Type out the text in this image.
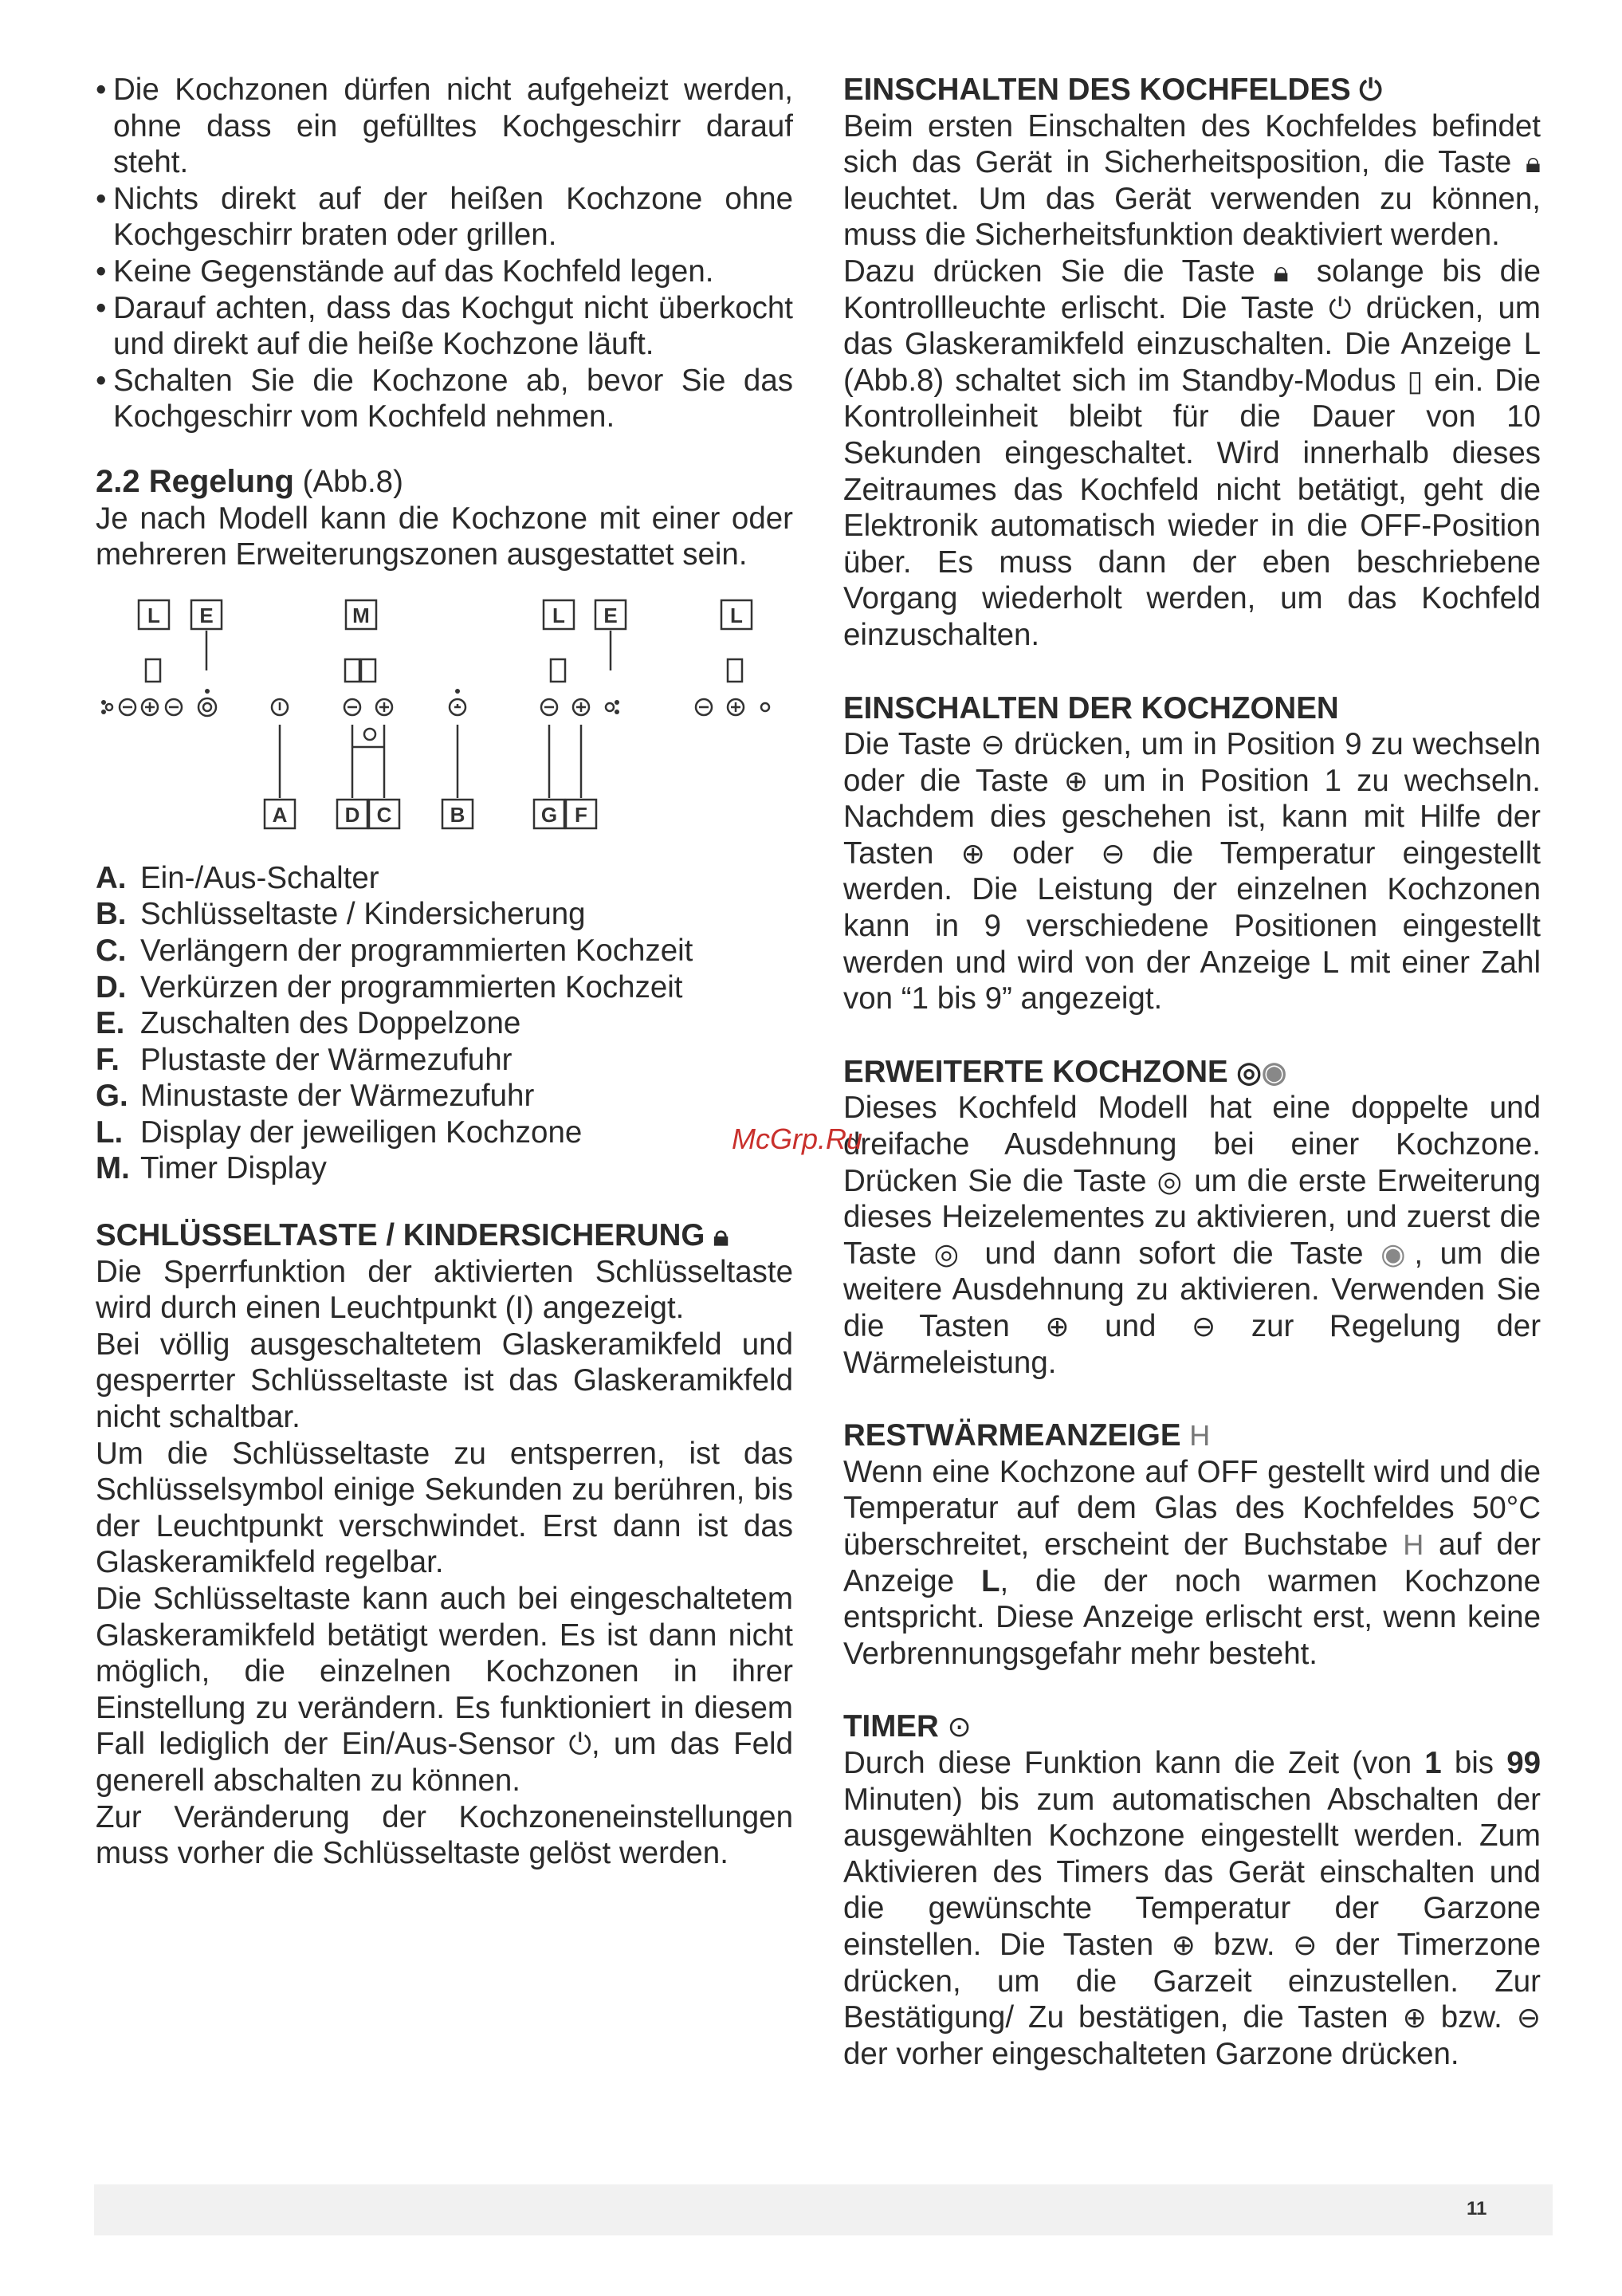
• Die Kochzonen dürfen nicht aufgeheizt werden, ohne dass ein gefülltes Kochgeschirr darauf steht.
• Nichts direkt auf der heißen Kochzone ohne Kochgeschirr braten oder grillen.
• Keine Gegenstände auf das Kochfeld legen.
• Darauf achten, dass das Kochgut nicht überkocht und direkt auf die heiße Kochzone läuft.
• Schalten Sie die Kochzone ab, bevor Sie das Kochgeschirr vom Kochfeld nehmen.
2.2 Regelung (Abb.8)

Je nach Modell kann die Kochzone mit einer oder mehreren Erweiterungszonen ausgestattet sein.

L E	M	L E	L
A	D C	B	G F
A. Ein-/Aus-Schalter
B. Schlüsseltaste / Kindersicherung
C. Verlängern der programmierten Kochzeit
D. Verkürzen der programmierten Kochzeit
E. Zuschalten des Doppelzone
F. Plustaste der Wärmezufuhr
G. Minustaste der Wärmezufuhr
L. Display der jeweiligen Kochzone
M. Timer Display

SCHLÜSSELTASTE / KINDERSICHERUNG 🔒︎

Die Sperrfunktion der aktivierten Schlüsseltaste wird durch einen Leuchtpunkt (I) angezeigt.

Bei völlig ausgeschaltetem Glaskeramikfeld und gesperrter Schlüsseltaste ist das Glaskeramikfeld nicht schaltbar.

Um die Schlüsseltaste zu entsperren, ist das Schlüsselsymbol einige Sekunden zu berühren, bis der Leuchtpunkt verschwindet. Erst dann ist das Glaskeramikfeld regelbar.

Die Schlüsseltaste kann auch bei eingeschaltetem Glaskeramikfeld betätigt werden. Es ist dann nicht möglich, die einzelnen Kochzonen in ihrer Einstellung zu verändern. Es funktioniert in diesem Fall lediglich der Ein/Aus-Sensor ⏻, um das Feld generell abschalten zu können.

Zur Veränderung der Kochzoneneinstellungen muss vorher die Schlüsseltaste gelöst werden.

EINSCHALTEN DES KOCHFELDES ⏻

Beim ersten Einschalten des Kochfeldes befindet sich das Gerät in Sicherheitsposition, die Taste 🔒︎ leuchtet. Um das Gerät verwenden zu können, muss die Sicherheitsfunktion deaktiviert werden.

Dazu drücken Sie die Taste 🔒︎ solange bis die Kontrollleuchte erlischt. Die Taste ⏻ drücken, um das Glaskeramikfeld einzuschalten. Die Anzeige L (Abb.8) schaltet sich im Standby-Modus ▯ ein. Die Kontrolleinheit bleibt für die Dauer von 10 Sekunden eingeschaltet. Wird innerhalb dieses Zeitraumes das Kochfeld nicht betätigt, geht die Elektronik automatisch wieder in die OFF-Position über. Es muss dann der eben beschriebene Vorgang wiederholt werden, um das Kochfeld einzuschalten.

EINSCHALTEN DER KOCHZONEN

Die Taste ⊖ drücken, um in Position 9 zu wechseln oder die Taste ⊕ um in Position 1 zu wechseln. Nachdem dies geschehen ist, kann mit Hilfe der Tasten ⊕ oder ⊖ die Temperatur eingestellt werden. Die Leistung der einzelnen Kochzonen kann in 9 verschiedene Positionen eingestellt werden und wird von der Anzeige L mit einer Zahl von “1 bis 9” angezeigt.

ERWEITERTE KOCHZONE ◎◉

Dieses Kochfeld Modell hat eine doppelte und dreifache Ausdehnung bei einer Kochzone. Drücken Sie die Taste ◎ um die erste Erweiterung dieses Heizelementes zu aktivieren, und zuerst die Taste ◎ und dann sofort die Taste ◉, um die weitere Ausdehnung zu aktivieren. Verwenden Sie die Tasten ⊕ und ⊖ zur Regelung der Wärmeleistung.

RESTWÄRMEANZEIGE H

Wenn eine Kochzone auf OFF gestellt wird und die Temperatur auf dem Glas des Kochfeldes 50°C überschreitet, erscheint der Buchstabe H auf der Anzeige L, die der noch warmen Kochzone entspricht. Diese Anzeige erlischt erst, wenn keine Verbrennungsgefahr mehr besteht.

TIMER ⊙

Durch diese Funktion kann die Zeit (von 1 bis 99 Minuten) bis zum automatischen Abschalten der ausgewählten Kochzone eingestellt werden. Zum Aktivieren des Timers das Gerät einschalten und die gewünschte Temperatur der Garzone einstellen. Die Tasten ⊕ bzw. ⊖ der Timerzone drücken, um die Garzeit einzustellen. Zur Bestätigung/ Zu bestätigen, die Tasten ⊕ bzw. ⊖ der vorher eingeschalteten Garzone drücken.

McGrp.Ru
11
